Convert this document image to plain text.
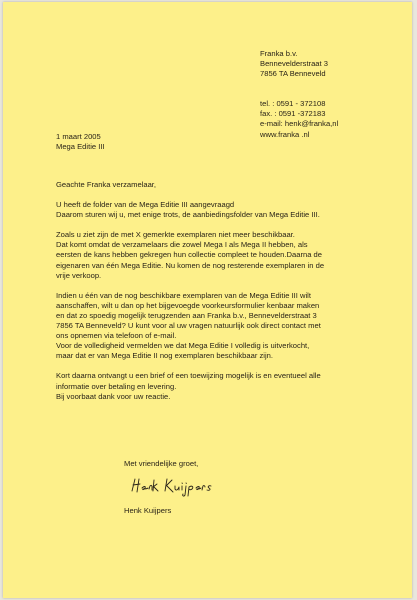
Franka b.v.
Bennevelderstraat 3
7856 TA Benneveld
tel. : 0591 - 372108
fax. : 0591 -372183
e-mail: henk@franka,nl
www.franka .nl
1 maart 2005
Mega Editie III

Geachte Franka verzamelaar,

U heeft de folder van de Mega Editie III aangevraagd

Daarom sturen wij u, met enige trots, de aanbiedingsfolder van Mega Editie III.

Zoals u ziet zijn de met X gemerkte exemplaren niet meer beschikbaar.

Dat komt omdat de verzamelaars die zowel Mega I als Mega II hebben, als

eersten de kans hebben gekregen hun collectie compleet te houden.Daarna de

eigenaren van één Mega Editie. Nu komen de nog resterende exemplaren in de

vrije verkoop.

Indien u één van de nog beschikbare exemplaren van de Mega Editie III wilt

aanschaffen, wilt u dan op het bijgevoegde voorkeursformulier kenbaar maken

en dat zo spoedig mogelijk terugzenden aan Franka b.v., Bennevelderstraat 3

7856 TA Benneveld? U kunt voor al uw vragen natuurlijk ook direct contact met

ons opnemen via telefoon of e-mail.

Voor de volledigheid vermelden we dat Mega Editie I volledig is uitverkocht,

maar dat er van Mega Editie II nog exemplaren beschikbaar zijn.

Kort daarna ontvangt u een brief of een toewijzing mogelijk is en eventueel alle

informatie over betaling en levering.

Bij voorbaat dank voor uw reactie.

Met vriendelijke groet,
Henk Kuijpers
